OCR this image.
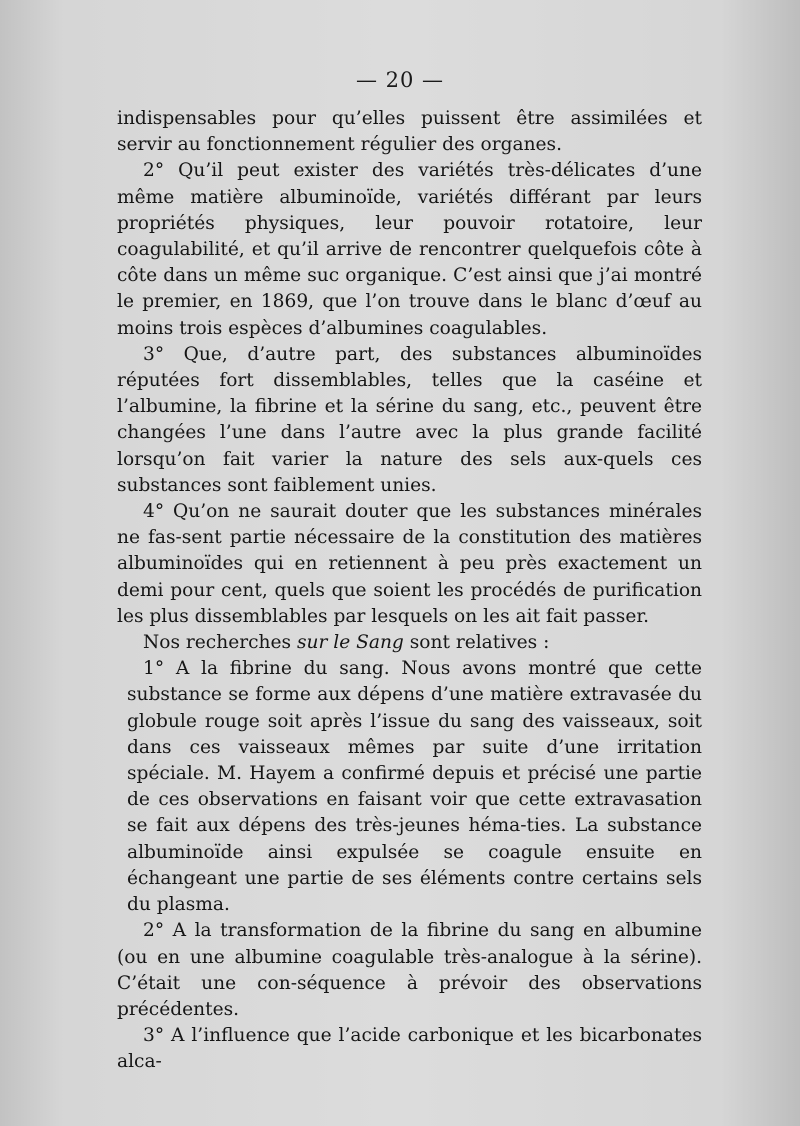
— 20 —

indispensables pour qu’elles puissent être assimilées et servir au fonctionnement régulier des organes.

2° Qu’il peut exister des variétés très-délicates d’une même matière albuminoïde, variétés différant par leurs propriétés physiques, leur pouvoir rotatoire, leur coagulabilité, et qu’il arrive de rencontrer quelquefois côte à côte dans un même suc organique. C’est ainsi que j’ai montré le premier, en 1869, que l’on trouve dans le blanc d’œuf au moins trois espèces d’albumines coagulables.

3° Que, d’autre part, des substances albuminoïdes réputées fort dissemblables, telles que la caséine et l’albumine, la fibrine et la sérine du sang, etc., peuvent être changées l’une dans l’autre avec la plus grande facilité lorsqu’on fait varier la nature des sels aux-quels ces substances sont faiblement unies.

4° Qu’on ne saurait douter que les substances minérales ne fas-sent partie nécessaire de la constitution des matières albuminoïdes qui en retiennent à peu près exactement un demi pour cent, quels que soient les procédés de purification les plus dissemblables par lesquels on les ait fait passer.

Nos recherches sur le Sang sont relatives :

1° A la fibrine du sang. Nous avons montré que cette substance se forme aux dépens d’une matière extravasée du globule rouge soit après l’issue du sang des vaisseaux, soit dans ces vaisseaux mêmes par suite d’une irritation spéciale. M. Hayem a confirmé depuis et précisé une partie de ces observations en faisant voir que cette extravasation se fait aux dépens des très-jeunes héma-ties. La substance albuminoïde ainsi expulsée se coagule ensuite en échangeant une partie de ses éléments contre certains sels du plasma.

2° A la transformation de la fibrine du sang en albumine (ou en une albumine coagulable très-analogue à la sérine). C’était une con-séquence à prévoir des observations précédentes.

3° A l’influence que l’acide carbonique et les bicarbonates alca-
